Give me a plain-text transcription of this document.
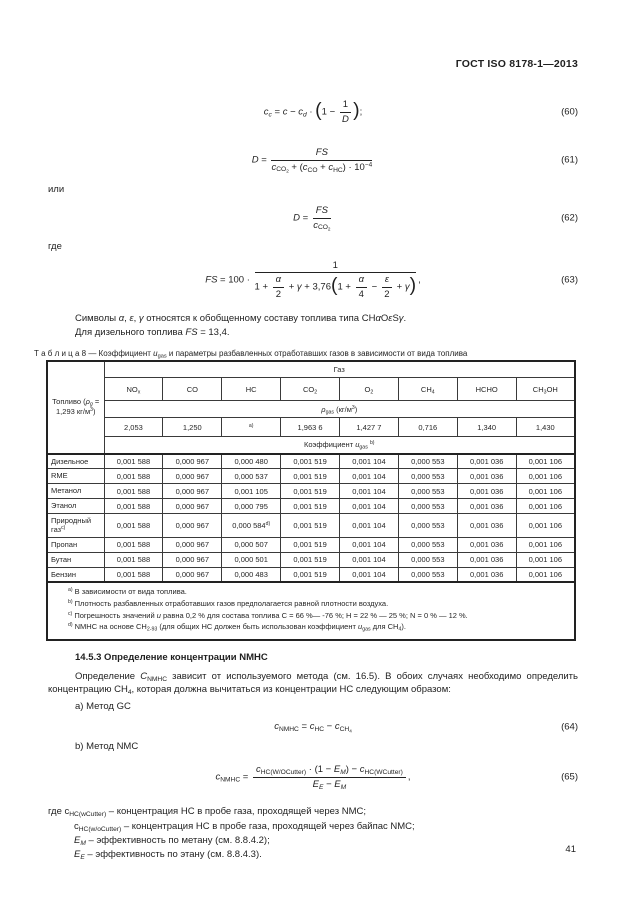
ГОСТ ISO 8178-1—2013
$c_c = c - c_d \cdot (1 - \frac{1}{D}$ );	(60)
$D = \frac{FS}{c_{CO_2} + (c_{CO} + c_{HC}) \cdot 10^{-4}}$	(61)
или
$D = \frac{FS}{c_{CO_2}}$	(62)
где
FS = $100 \cdot \frac{1}{1 + \frac{\alpha}{2} + \gamma + 3,76(1 + \frac{\alpha}{4} - \frac{\varepsilon}{2} + \gamma)}$ ,	(63)
Символы α, ε, γ относятся к обобщенному составу топлива типа CHαOεSγ.
Для дизельного топлива FS = 13,4.
Т а б л и ц а 8 — Коэффициент $u_{gas}$ и параметры разбавленных отработавших газов в зависимости от вида топлива
Топливо ($\rho_g = 1,293$ $кг/м^3$)	Газ							
	$NO_x$	CO	HC	$CO_2$	$O_2$	$CH_4$	HCHO	$CH_3OH$
	$\rho_{gas}$ $(кг/м^3)$							
	2,053	1,250	$^{a)}$	1,963 6	1,427 7	0,716	1,340	1,430
	Коэффициент $u_{gas}$ $^{b)}$
Дизельное	0,001 588	0,000 967	0,000 480	0,001 519	0,001 104	0,000 553	0,001 036	0,001 106
RME	0,001 588	0,000 967	0,000 537	0,001 519	0,001 104	0,000 553	0,001 036	0,001 106
Метанол	0,001 588	0,000 967	0,001 105	0,001 519	0,001 104	0,000 553	0,001 036	0,001 106
Этанол	0,001 588	0,000 967	0,000 795	0,001 519	0,001 104	0,000 553	0,001 036	0,001 106
Природный газ$^{c)}$	0,001 588	0,000 967	0,000 584$^{d)}$	0,001 519	0,001 104	0,000 553	0,001 036	0,001 106
Пропан	0,001 588	0,000 967	0,000 507	0,001 519	0,001 104	0,000 553	0,001 036	0,001 106
Бутан	0,001 588	0,000 967	0,000 501	0,001 519	0,001 104	0,000 553	0,001 036	0,001 106
Бензин	0,001 588	0,000 967	0,000 483	0,001 519	0,001 104	0,000 553	0,001 036	0,001 106

$^{a)}$ В зависимости от вида топлива.
$^{b)}$ Плотность разбавленных отработавших газов предполагается равной плотности воздуха.
$^{c)}$ Погрешность значений u равна 0,2 % для состава топлива С = 66 %— -76 %; Н = 22 % — 25 %; N = 0 % — 12 %.
$^{d)}$ NMHC на основе $CH_{2-93}$ (для общих НС должен быть использован коэффициент $u_{gas}$ для $CH_4$).								
14.5.3 Определение концентрации NMHC

Определение $C_{NMHC}$ зависит от используемого метода (см. 16.5). В обоих случаях необходимо определить концентрацию $CH_4$, которая должна вычитаться из концентрации НС следующим образом:

a) Метод GC
$c_{NMHC} = c_{HC} - c_{CH_4}$	(64)
b) Метод NMC
$c_{NMHC} = \frac{c_{HC(W/OCutter)} \cdot (1 - E_M) - c_{HC(WCutter)}}{E_E - E_M}$ ,	(65)
где $c_{HC(wCutter)}$ – концентрация НС в пробе газа, проходящей через NMC;
$c_{HC(w/oCutter)}$ – концентрация НС в пробе газа, проходящей через байпас NMC;
$E_M$ – эффективность по метану (см. 8.8.4.2);
$E_E$ – эффективность по этану (см. 8.8.4.3).	41
